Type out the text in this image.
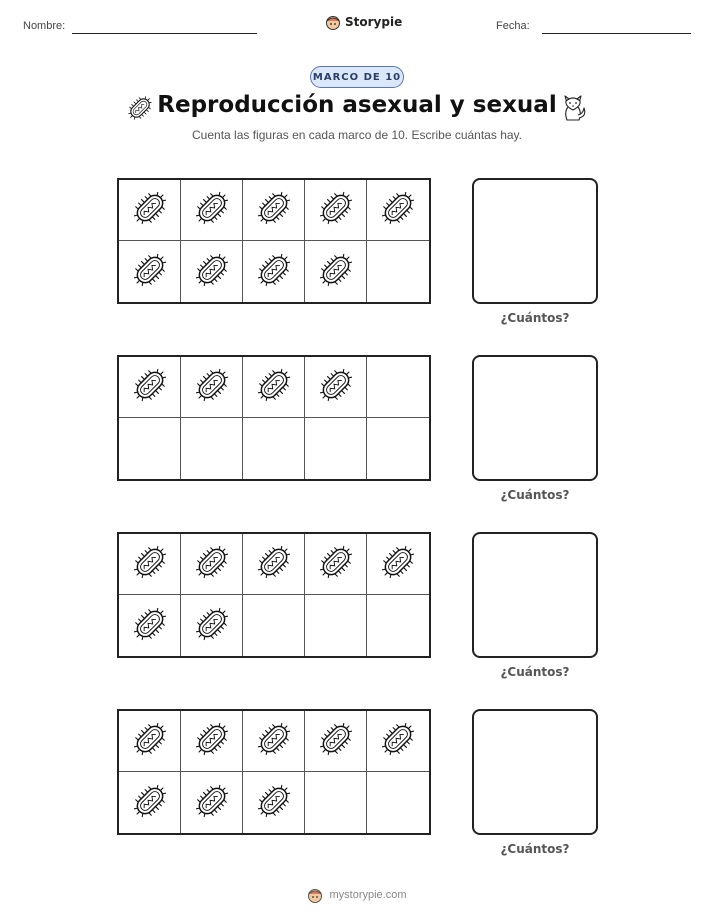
Nombre:	Storypie	Fecha:
MARCO DE 10
Reproducción asexual y sexual
Cuenta las figuras en cada marco de 10. Escribe cuántas hay.
¿Cuántos?
¿Cuántos?
¿Cuántos?
¿Cuántos?
mystorypie.com
